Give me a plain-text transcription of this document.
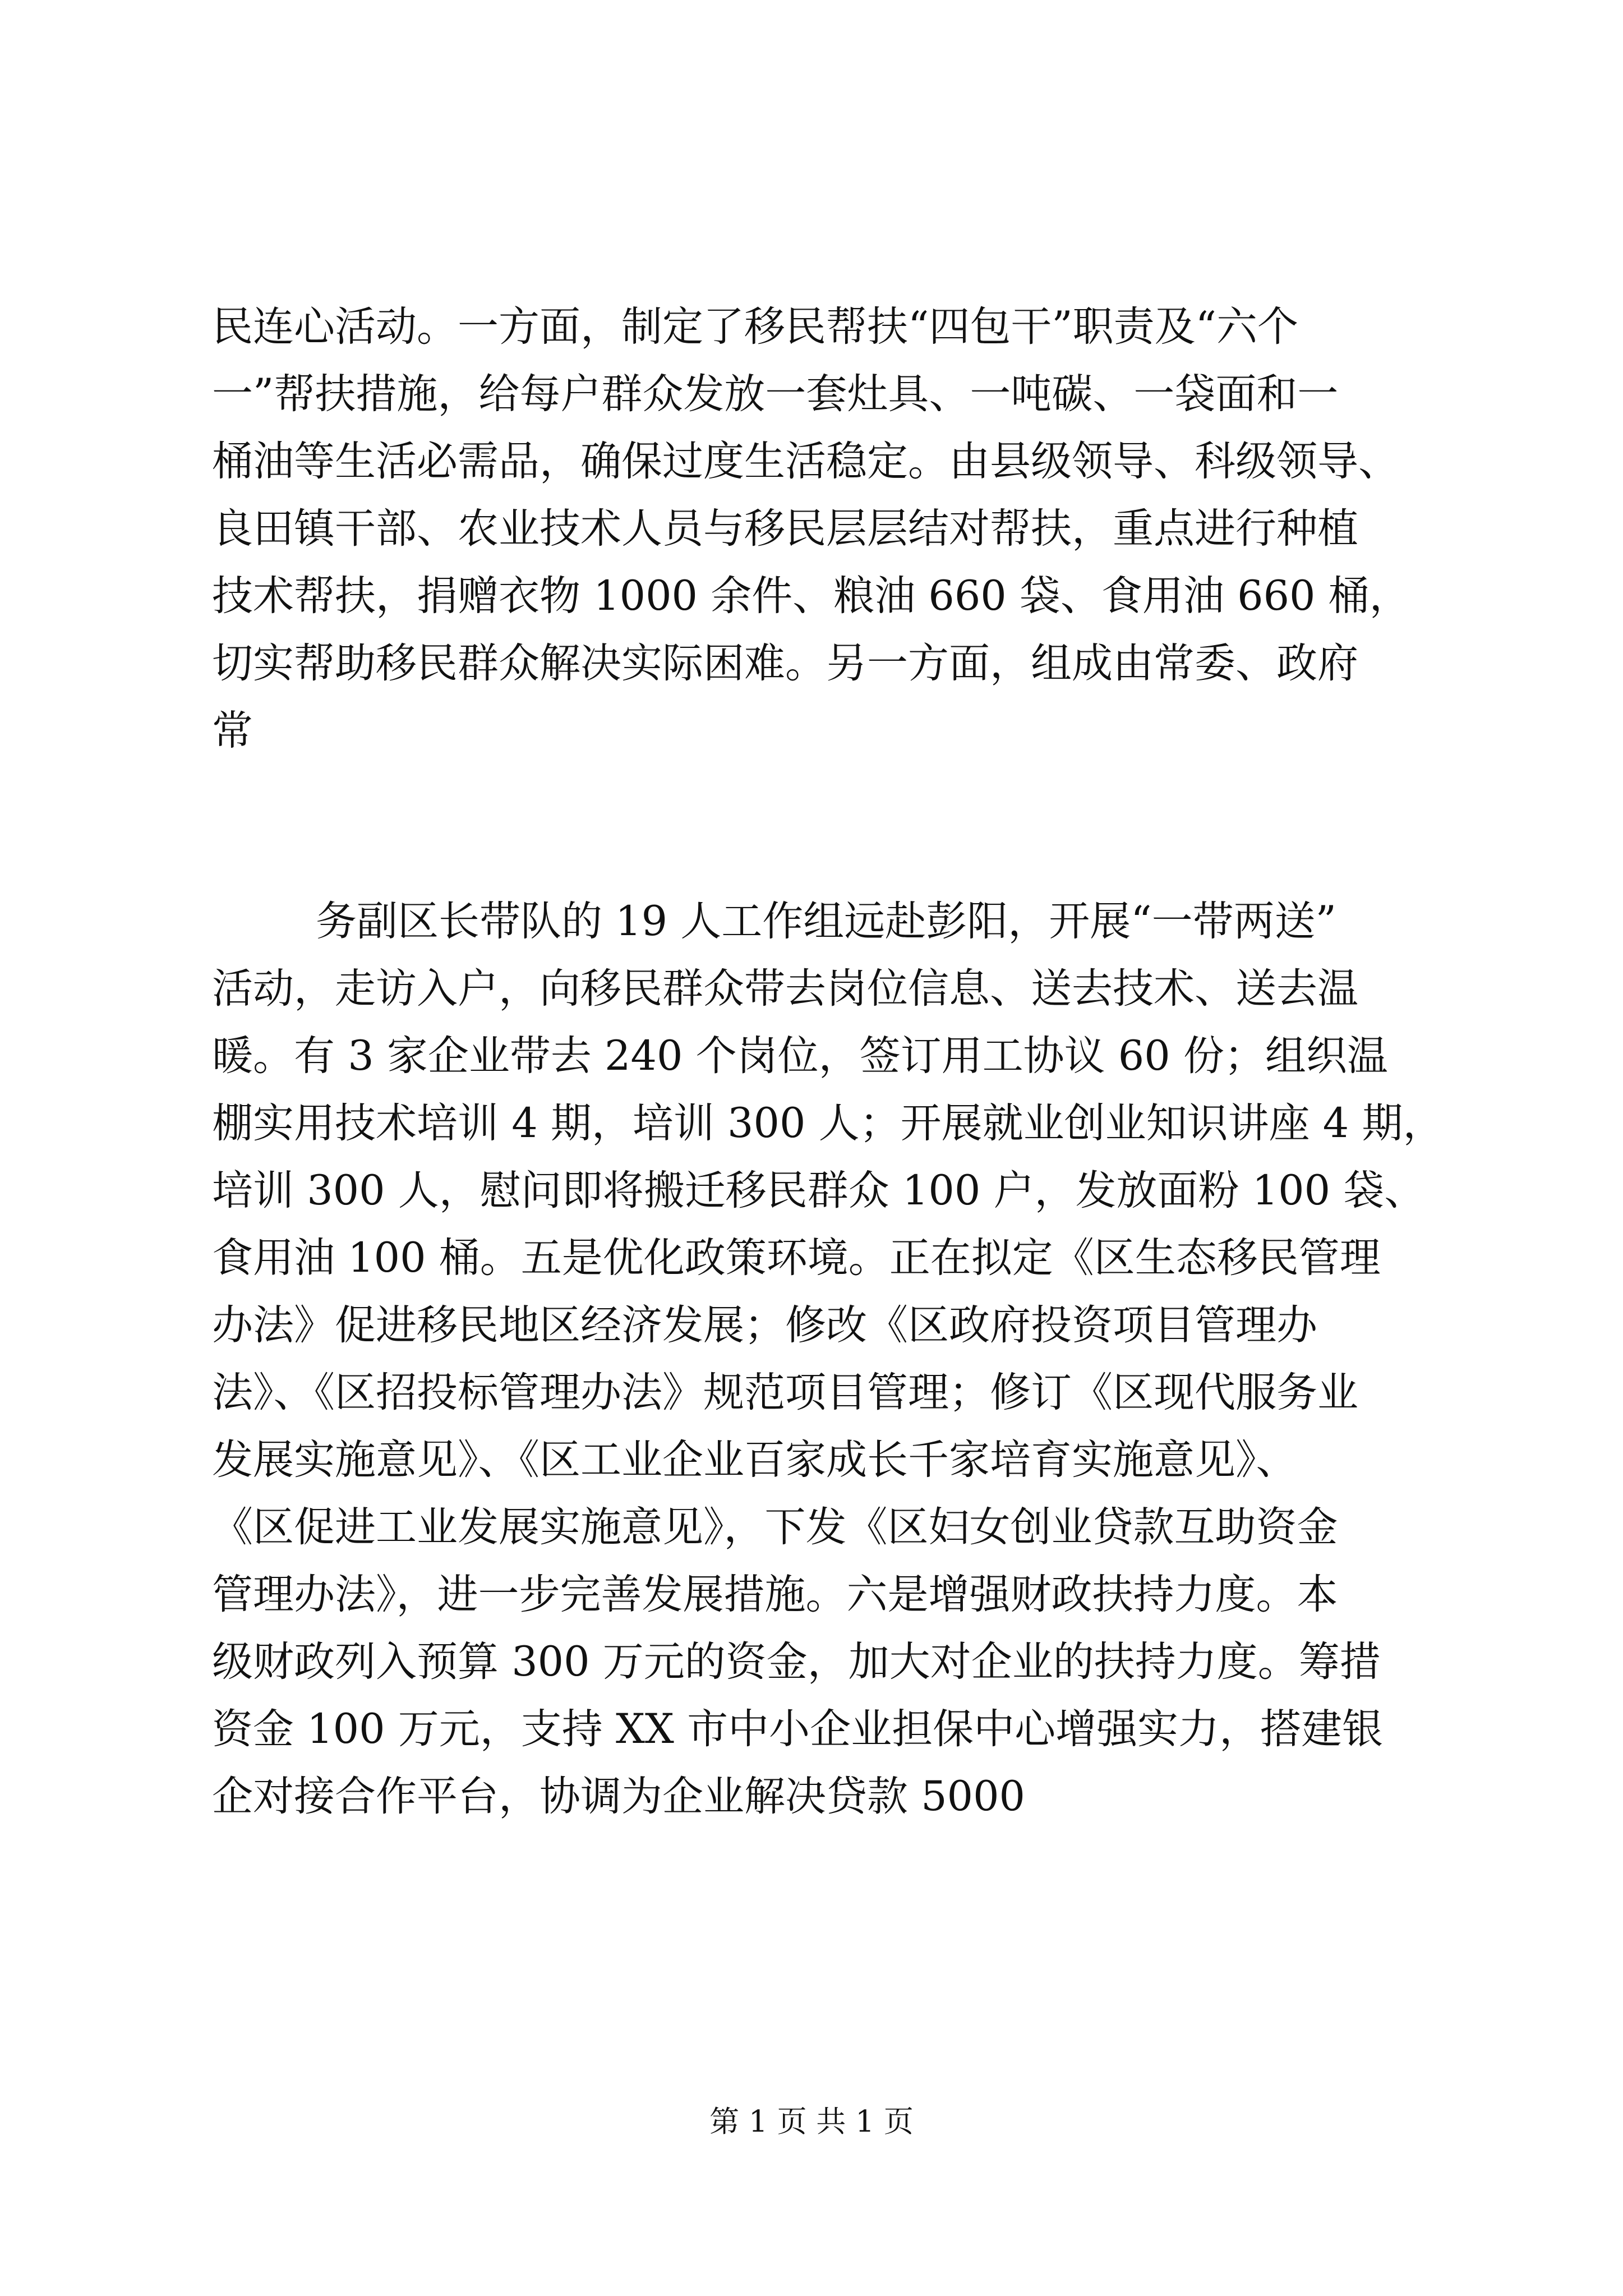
民连心活动。一方面，制定了移民帮扶“四包干”职责及“六个
一”帮扶措施，给每户群众发放一套灶具、一吨碳、一袋面和一
桶油等生活必需品，确保过度生活稳定。由县级领导、科级领导、
良田镇干部、农业技术人员与移民层层结对帮扶，重点进行种植
技术帮扶，捐赠衣物 1000 余件、粮油 660 袋、食用油 660 桶，
切实帮助移民群众解决实际困难。另一方面，组成由常委、政府
常
务副区长带队的 19 人工作组远赴彭阳，开展“一带两送”
活动，走访入户，向移民群众带去岗位信息、送去技术、送去温
暖。有 3 家企业带去 240 个岗位，签订用工协议 60 份；组织温
棚实用技术培训 4 期，培训 300 人；开展就业创业知识讲座 4 期，
培训 300 人，慰问即将搬迁移民群众 100 户，发放面粉 100 袋、
食用油 100 桶。五是优化政策环境。正在拟定《区生态移民管理
办法》促进移民地区经济发展；修改《区政府投资项目管理办
法》、《区招投标管理办法》规范项目管理；修订《区现代服务业
发展实施意见》、《区工业企业百家成长千家培育实施意见》、
《区促进工业发展实施意见》，下发《区妇女创业贷款互助资金
管理办法》，进一步完善发展措施。六是增强财政扶持力度。本
级财政列入预算 300 万元的资金，加大对企业的扶持力度。筹措
资金 100 万元，支持 XX 市中小企业担保中心增强实力，搭建银
企对接合作平台，协调为企业解决贷款 5000
第 1 页 共 1 页
